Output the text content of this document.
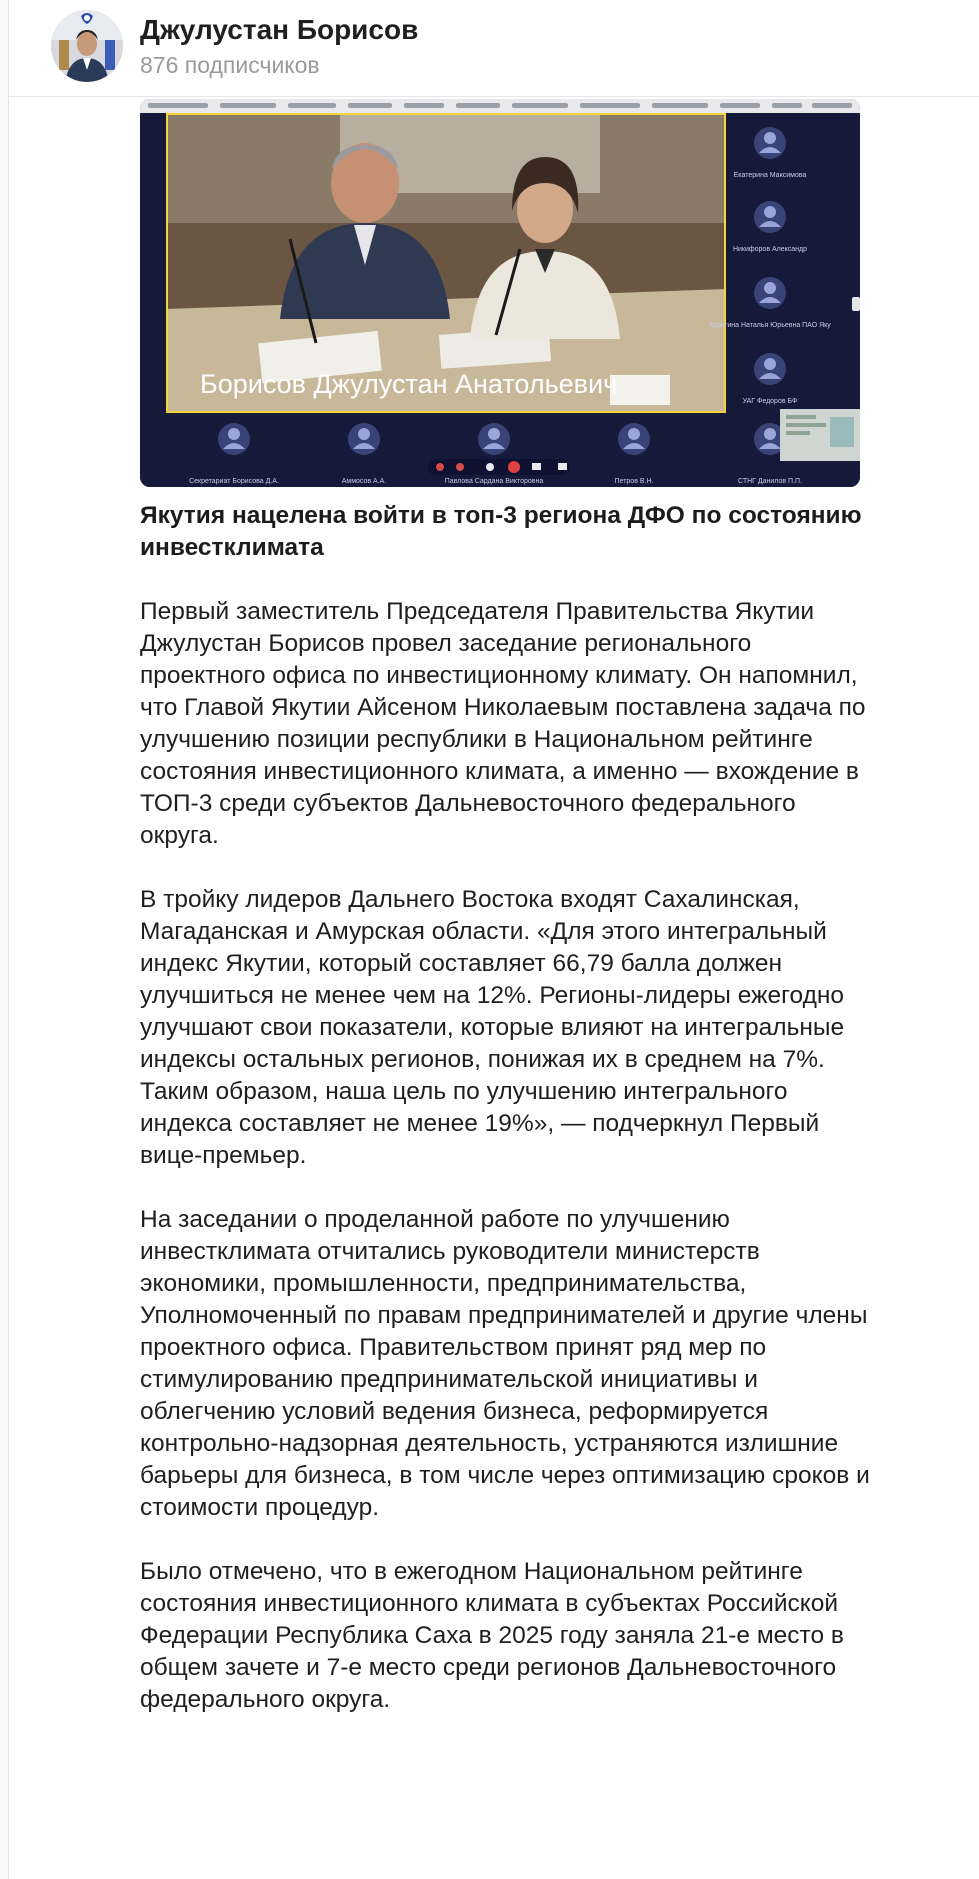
Джулустан Борисов
876 подписчиков
Борисов Джулустан Анатольевич
Екатерина Максимова
Никифоров Александр
Корягина Наталья Юрьевна ПАО Яку
УАГ Федоров БФ
Секретариат Борисова Д.А.	Аммосов А.А.	Павлова Сардана Викторовна	Петров В.Н.	СТНГ Данилов П.П.
Якутия нацелена войти в топ-3 региона ДФО по состоянию инвестклимата
Первый заместитель Председателя Правительства Якутии Джулустан Борисов провел заседание регионального проектного офиса по инвестиционному климату. Он напомнил, что Главой Якутии Айсеном Николаевым поставлена задача по улучшению позиции республики в Национальном рейтинге состояния инвестиционного климата, а именно — вхождение в ТОП-3 среди субъектов Дальневосточного федерального округа.
В тройку лидеров Дальнего Востока входят Сахалинская, Магаданская и Амурская области. «Для этого интегральный индекс Якутии, который составляет 66,79 балла должен улучшиться не менее чем на 12%. Регионы-лидеры ежегодно улучшают свои показатели, которые влияют на интегральные индексы остальных регионов, понижая их в среднем на 7%. Таким образом, наша цель по улучшению интегрального индекса составляет не менее 19%», — подчеркнул Первый вице-премьер.
На заседании о проделанной работе по улучшению инвестклимата отчитались руководители министерств экономики, промышленности, предпринимательства, Уполномоченный по правам предпринимателей и другие члены проектного офиса. Правительством принят ряд мер по стимулированию предпринимательской инициативы и облегчению условий ведения бизнеса, реформируется контрольно-надзорная деятельность, устраняются излишние барьеры для бизнеса, в том числе через оптимизацию сроков и стоимости процедур.
Было отмечено, что в ежегодном Национальном рейтинге состояния инвестиционного климата в субъектах Российской Федерации Республика Саха в 2025 году заняла 21-е место в общем зачете и 7-е место среди регионов Дальневосточного федерального округа.
